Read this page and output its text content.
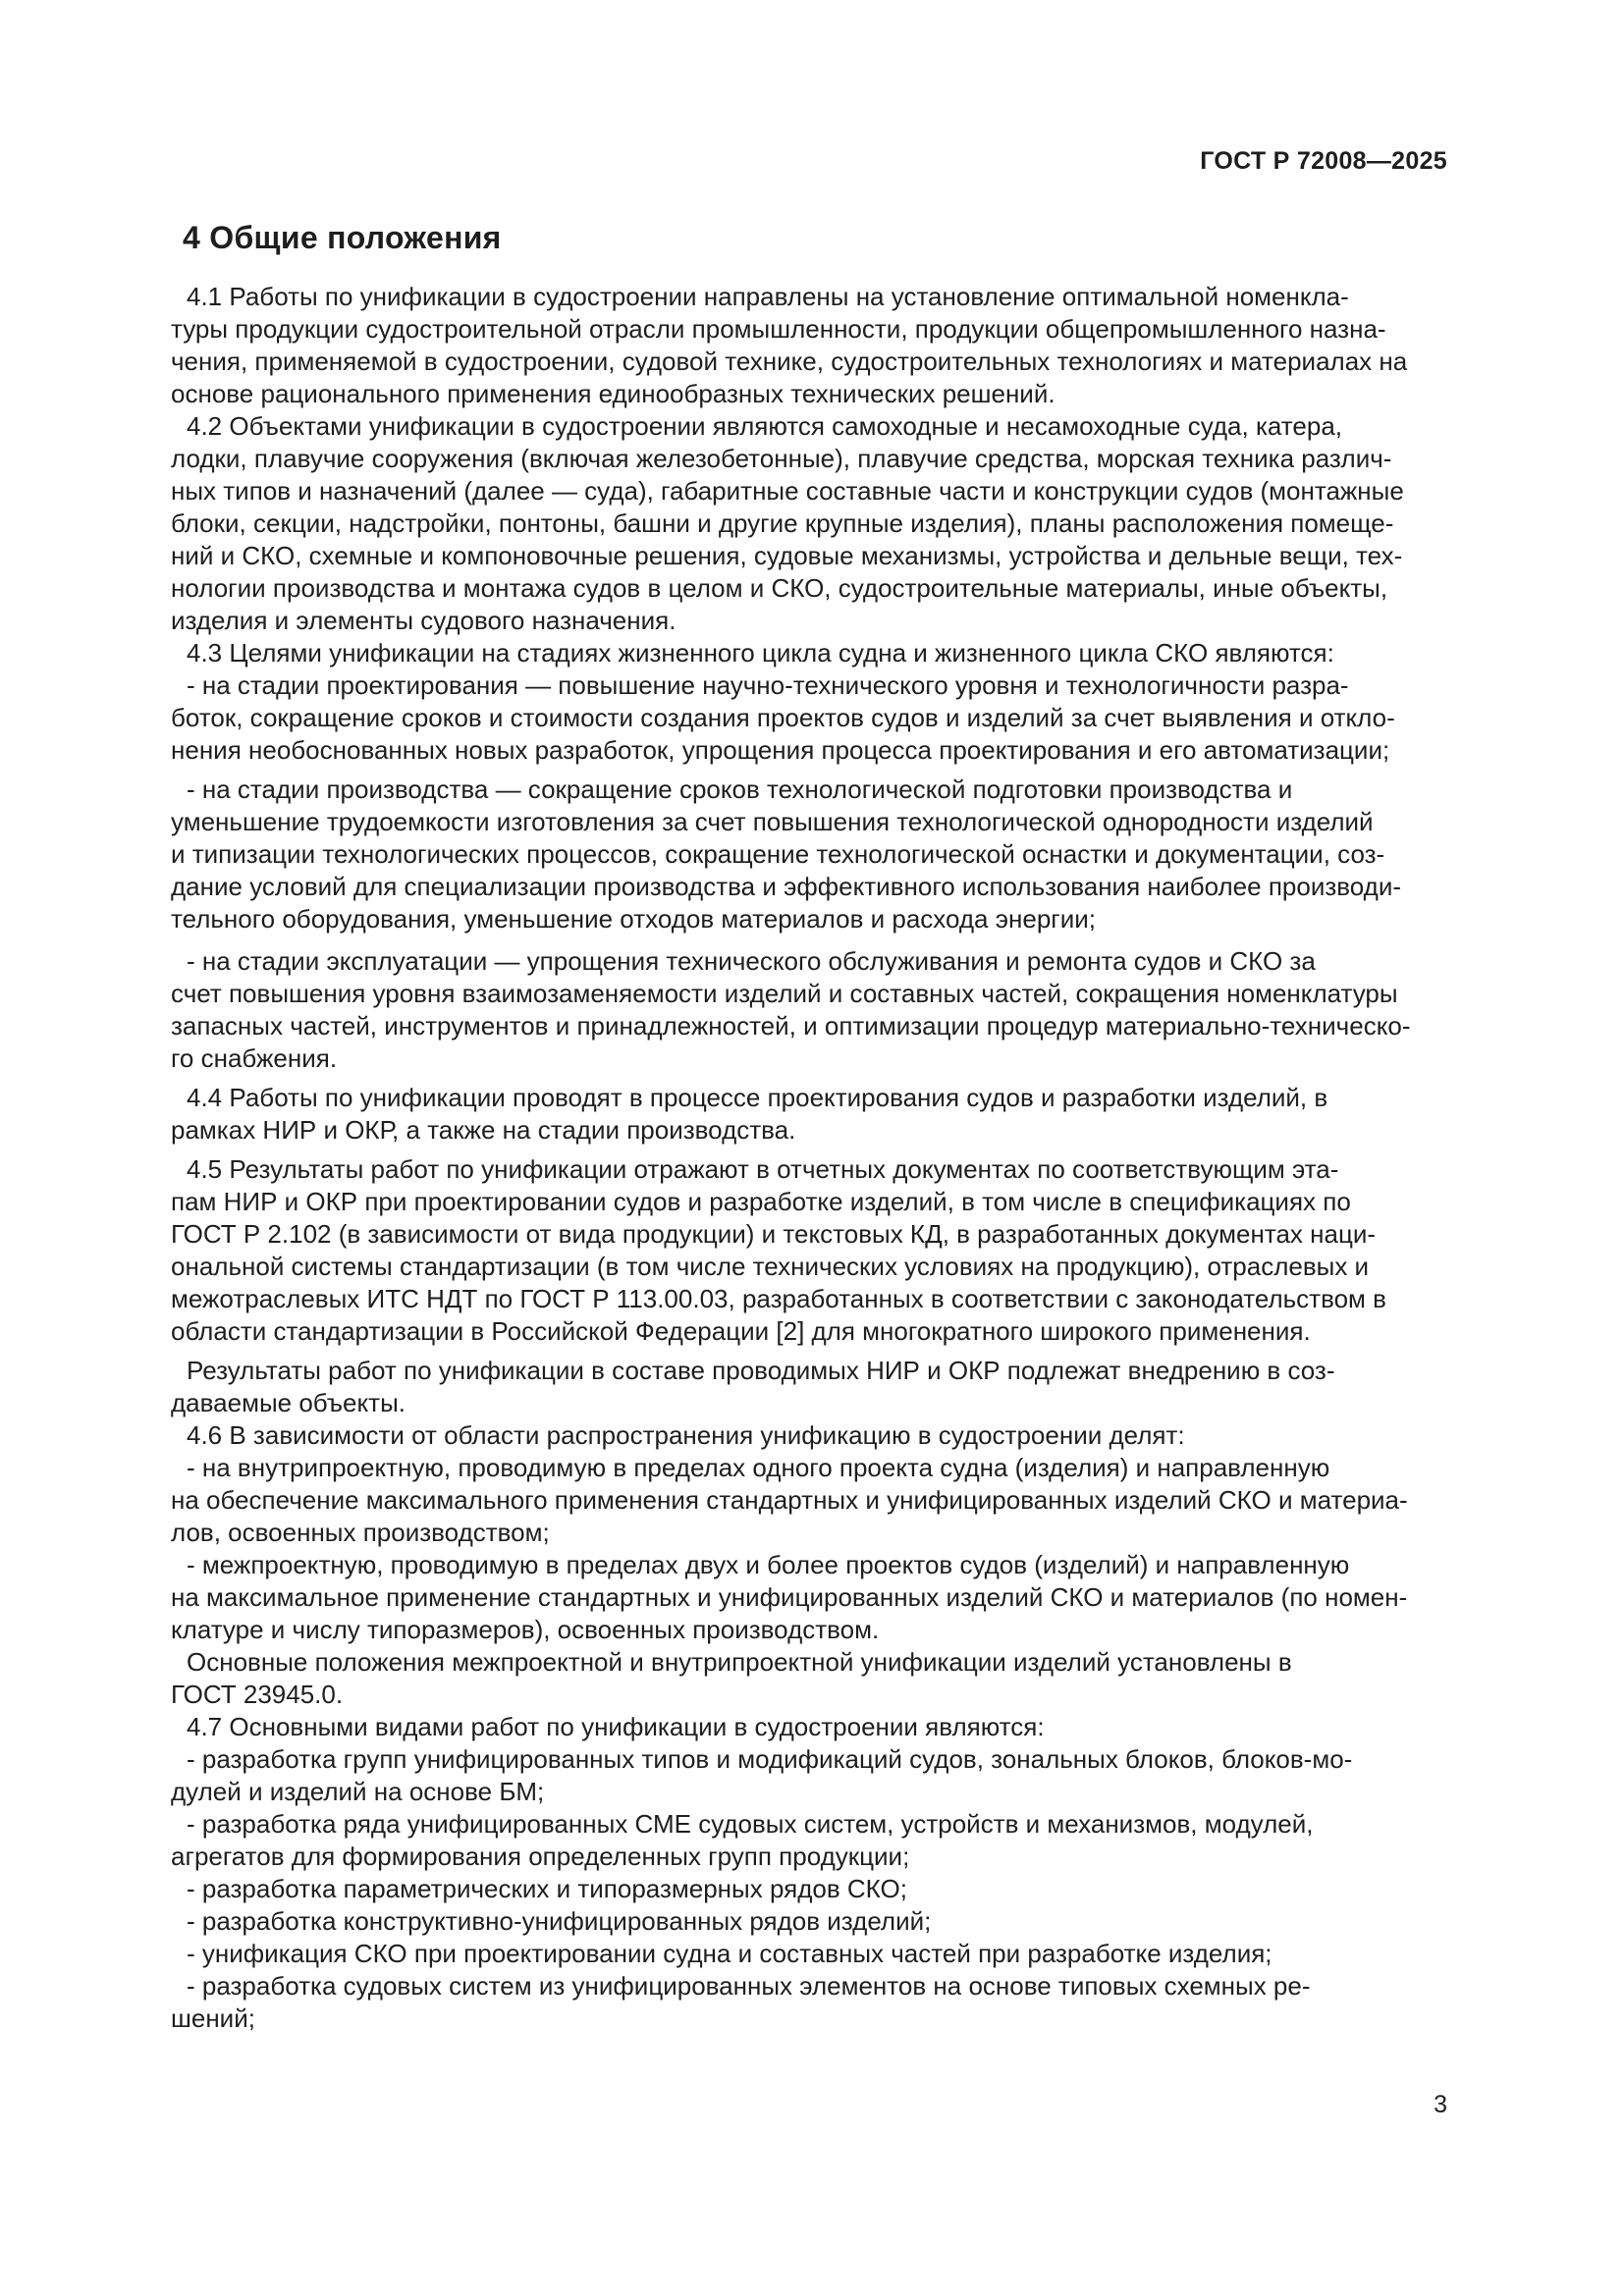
ГОСТ Р 72008—2025
4 Общие положения
4.1 Работы по унификации в судостроении направлены на установление оптимальной номенкла-
туры продукции судостроительной отрасли промышленности, продукции общепромышленного назна-
чения, применяемой в судостроении, судовой технике, судостроительных технологиях и материалах на
основе рационального применения единообразных технических решений.
4.2 Объектами унификации в судостроении являются самоходные и несамоходные суда, катера,
лодки, плавучие сооружения (включая железобетонные), плавучие средства, морская техника различ-
ных типов и назначений (далее — суда), габаритные составные части и конструкции судов (монтажные
блоки, секции, надстройки, понтоны, башни и другие крупные изделия), планы расположения помеще-
ний и СКО, схемные и компоновочные решения, судовые механизмы, устройства и дельные вещи, тех-
нологии производства и монтажа судов в целом и СКО, судостроительные материалы, иные объекты,
изделия и элементы судового назначения.
4.3 Целями унификации на стадиях жизненного цикла судна и жизненного цикла СКО являются:
- на стадии проектирования — повышение научно-технического уровня и технологичности разра-
боток, сокращение сроков и стоимости создания проектов судов и изделий за счет выявления и откло-
нения необоснованных новых разработок, упрощения процесса проектирования и его автоматизации;
- на стадии производства — сокращение сроков технологической подготовки производства и
уменьшение трудоемкости изготовления за счет повышения технологической однородности изделий
и типизации технологических процессов, сокращение технологической оснастки и документации, соз-
дание условий для специализации производства и эффективного использования наиболее производи-
тельного оборудования, уменьшение отходов материалов и расхода энергии;
- на стадии эксплуатации — упрощения технического обслуживания и ремонта судов и СКО за
счет повышения уровня взаимозаменяемости изделий и составных частей, сокращения номенклатуры
запасных частей, инструментов и принадлежностей, и оптимизации процедур материально-техническо-
го снабжения.
4.4 Работы по унификации проводят в процессе проектирования судов и разработки изделий, в
рамках НИР и ОКР, а также на стадии производства.
4.5 Результаты работ по унификации отражают в отчетных документах по соответствующим эта-
пам НИР и ОКР при проектировании судов и разработке изделий, в том числе в спецификациях по
ГОСТ Р 2.102 (в зависимости от вида продукции) и текстовых КД, в разработанных документах наци-
ональной системы стандартизации (в том числе технических условиях на продукцию), отраслевых и
межотраслевых ИТС НДТ по ГОСТ Р 113.00.03, разработанных в соответствии с законодательством в
области стандартизации в Российской Федерации [2] для многократного широкого применения.
Результаты работ по унификации в составе проводимых НИР и ОКР подлежат внедрению в соз-
даваемые объекты.
4.6 В зависимости от области распространения унификацию в судостроении делят:
- на внутрипроектную, проводимую в пределах одного проекта судна (изделия) и направленную
на обеспечение максимального применения стандартных и унифицированных изделий СКО и материа-
лов, освоенных производством;
- межпроектную, проводимую в пределах двух и более проектов судов (изделий) и направленную
на максимальное применение стандартных и унифицированных изделий СКО и материалов (по номен-
клатуре и числу типоразмеров), освоенных производством.
Основные положения межпроектной и внутрипроектной унификации изделий установлены в
ГОСТ 23945.0.
4.7 Основными видами работ по унификации в судостроении являются:
- разработка групп унифицированных типов и модификаций судов, зональных блоков, блоков-мо-
дулей и изделий на основе БМ;
- разработка ряда унифицированных СМЕ судовых систем, устройств и механизмов, модулей,
агрегатов для формирования определенных групп продукции;
- разработка параметрических и типоразмерных рядов СКО;
- разработка конструктивно-унифицированных рядов изделий;
- унификация СКО при проектировании судна и составных частей при разработке изделия;
- разработка судовых систем из унифицированных элементов на основе типовых схемных ре-
шений;
3
